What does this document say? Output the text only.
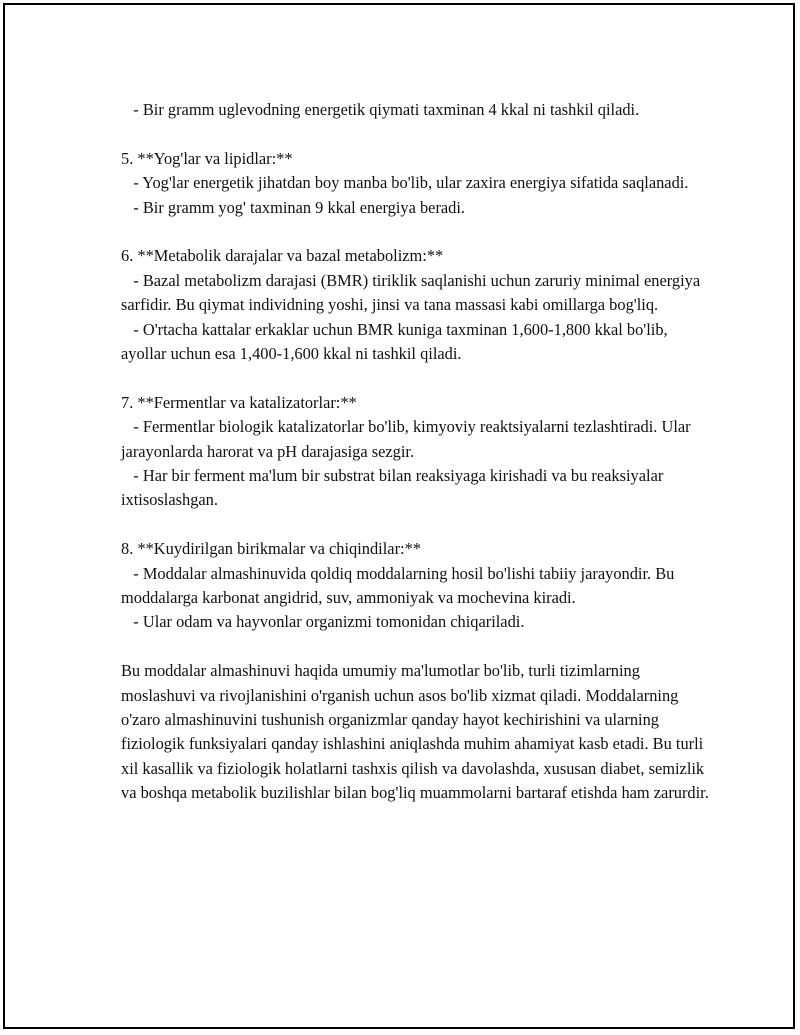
- Bir gramm uglevodning energetik qiymati taxminan 4 kkal ni tashkil qiladi.

5. **Yog'lar va lipidlar:**

- Yog'lar energetik jihatdan boy manba bo'lib, ular zaxira energiya sifatida saqlanadi.

- Bir gramm yog' taxminan 9 kkal energiya beradi.

6. **Metabolik darajalar va bazal metabolizm:**

- Bazal metabolizm darajasi (BMR) tiriklik saqlanishi uchun zaruriy minimal energiya sarfidir. Bu qiymat individning yoshi, jinsi va tana massasi kabi omillarga bog'liq.

- O'rtacha kattalar erkaklar uchun BMR kuniga taxminan 1,600-1,800 kkal bo'lib, ayollar uchun esa 1,400-1,600 kkal ni tashkil qiladi.

7. **Fermentlar va katalizatorlar:**

- Fermentlar biologik katalizatorlar bo'lib, kimyoviy reaktsiyalarni tezlashtiradi. Ular jarayonlarda harorat va pH darajasiga sezgir.

- Har bir ferment ma'lum bir substrat bilan reaksiyaga kirishadi va bu reaksiyalar ixtisoslashgan.

8. **Kuydirilgan birikmalar va chiqindilar:**

- Moddalar almashinuvida qoldiq moddalarning hosil bo'lishi tabiiy jarayondir. Bu moddalarga karbonat angidrid, suv, ammoniyak va mochevina kiradi.

- Ular odam va hayvonlar organizmi tomonidan chiqariladi.

Bu moddalar almashinuvi haqida umumiy ma'lumotlar bo'lib, turli tizimlarning moslashuvi va rivojlanishini o'rganish uchun asos bo'lib xizmat qiladi. Moddalarning o'zaro almashinuvini tushunish organizmlar qanday hayot kechirishini va ularning fiziologik funksiyalari qanday ishlashini aniqlashda muhim ahamiyat kasb etadi. Bu turli xil kasallik va fiziologik holatlarni tashxis qilish va davolashda, xususan diabet, semizlik va boshqa metabolik buzilishlar bilan bog'liq muammolarni bartaraf etishda ham zarurdir.
